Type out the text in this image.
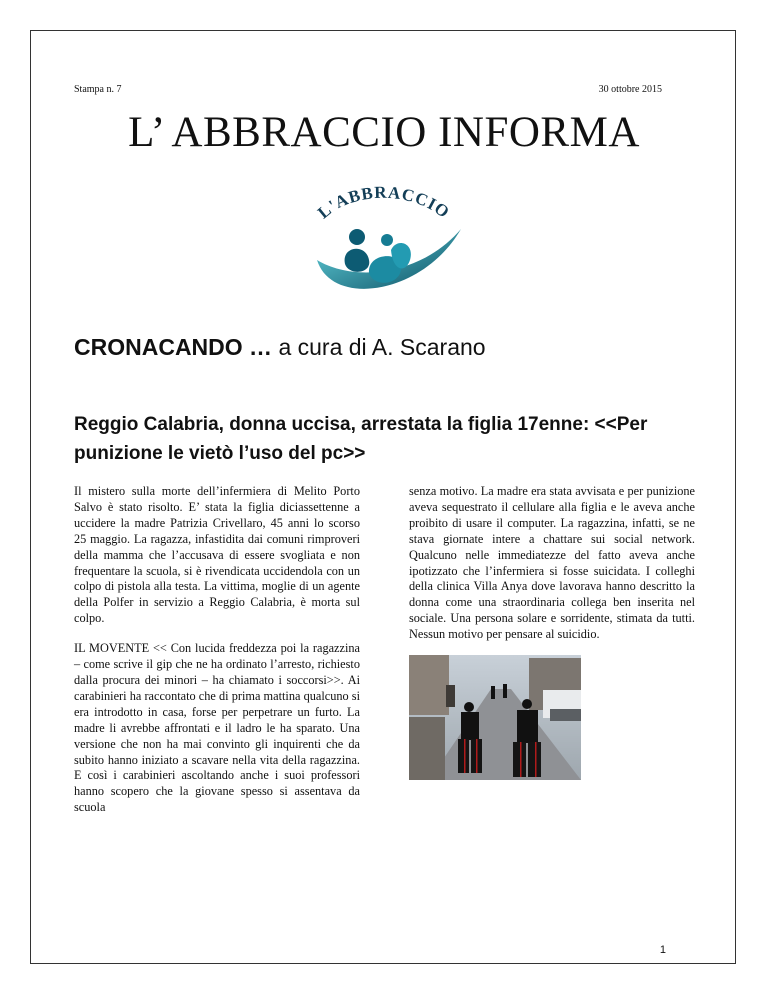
Stampa n. 7	30 ottobre 2015
L’ ABBRACCIO INFORMA
L'ABBRACCIO
CRONACANDO … a cura di A. Scarano
Reggio Calabria, donna uccisa, arrestata la figlia 17enne: <<Per punizione le vietò l’uso del pc>>

Il mistero sulla morte dell’infermiera di Melito Porto Salvo è stato risolto. E’ stata la figlia diciassettenne a uccidere la madre Patrizia Crivellaro, 45 anni lo scorso 25 maggio. La ragazza, infastidita dai comuni rimproveri della mamma che l’accusava di essere svogliata e non frequentare la scuola, si è rivendicata uccidendola con un colpo di pistola alla testa. La vittima, moglie di un agente della Polfer in servizio a Reggio Calabria, è morta sul colpo.

IL MOVENTE << Con lucida freddezza poi la ragazzina – come scrive il gip che ne ha ordinato l’arresto, richiesto dalla procura dei minori – ha chiamato i soccorsi>>. Ai carabinieri ha raccontato che di prima mattina qualcuno si era introdotto in casa, forse per perpetrare un furto. La madre li avrebbe affrontati e il ladro le ha sparato. Una versione che non ha mai convinto gli inquirenti che da subito hanno iniziato a scavare nella vita della ragazzina. E così i carabinieri ascoltando anche i suoi professori hanno scopero che la giovane spesso si assentava da scuola

senza motivo. La madre era stata avvisata e per punizione aveva sequestrato il cellulare alla figlia e le aveva anche proibito di usare il computer. La ragazzina, infatti, se ne stava giornate intere a chattare sui social network. Qualcuno nelle immediatezze del fatto aveva anche ipotizzato che l’infermiera si fosse suicidata. I colleghi della clinica Villa Anya dove lavorava hanno descritto la donna come una straordinaria collega ben inserita nel sociale. Una persona solare e sorridente, stimata da tutti. Nessun motivo per pensare al suicidio.

1
